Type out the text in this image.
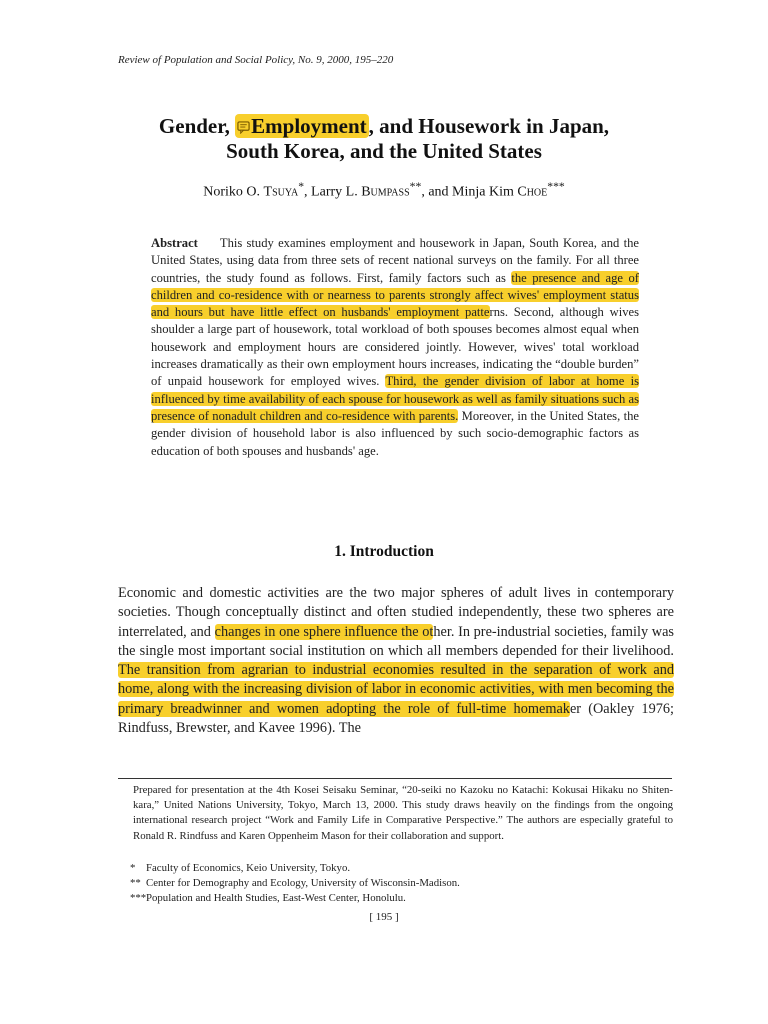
Review of Population and Social Policy, No. 9, 2000, 195–220
Gender, Employment, and Housework in Japan,
South Korea, and the United States
Noriko O. Tsuya*, Larry L. Bumpass**, and Minja Kim Choe***
Abstract This study examines employment and housework in Japan, South Korea, and the United States, using data from three sets of recent national surveys on the family. For all three countries, the study found as follows. First, family factors such as the presence and age of children and co-residence with or nearness to parents strongly affect wives' employment status and hours but have little effect on husbands' employment patterns. Second, although wives shoulder a large part of housework, total workload of both spouses becomes almost equal when housework and employment hours are considered jointly. However, wives' total workload increases dramatically as their own employment hours increases, indicating the “double burden” of unpaid housework for employed wives. Third, the gender division of labor at home is influenced by time availability of each spouse for housework as well as family situations such as presence of nonadult children and co-residence with parents. Moreover, in the United States, the gender division of household labor is also influenced by such socio-demographic factors as education of both spouses and husbands' age.
1. Introduction
Economic and domestic activities are the two major spheres of adult lives in contemporary societies. Though conceptually distinct and often studied independently, these two spheres are interrelated, and changes in one sphere influence the other. In pre-industrial societies, family was the single most important social institution on which all members depended for their livelihood. The transition from agrarian to industrial economies resulted in the separation of work and home, along with the increasing division of labor in economic activities, with men becoming the primary breadwinner and women adopting the role of full-time homemaker (Oakley 1976; Rindfuss, Brewster, and Kavee 1996). The
Prepared for presentation at the 4th Kosei Seisaku Seminar, “20-seiki no Kazoku no Katachi: Kokusai Hikaku no Shiten-kara,” United Nations University, Tokyo, March 13, 2000. This study draws heavily on the findings from the ongoing international research project “Work and Family Life in Comparative Perspective.” The authors are especially grateful to Ronald R. Rindfuss and Karen Oppenheim Mason for their collaboration and support.
* Faculty of Economics, Keio University, Tokyo.
** Center for Demography and Ecology, University of Wisconsin-Madison.
***Population and Health Studies, East-West Center, Honolulu.
[ 195 ]
